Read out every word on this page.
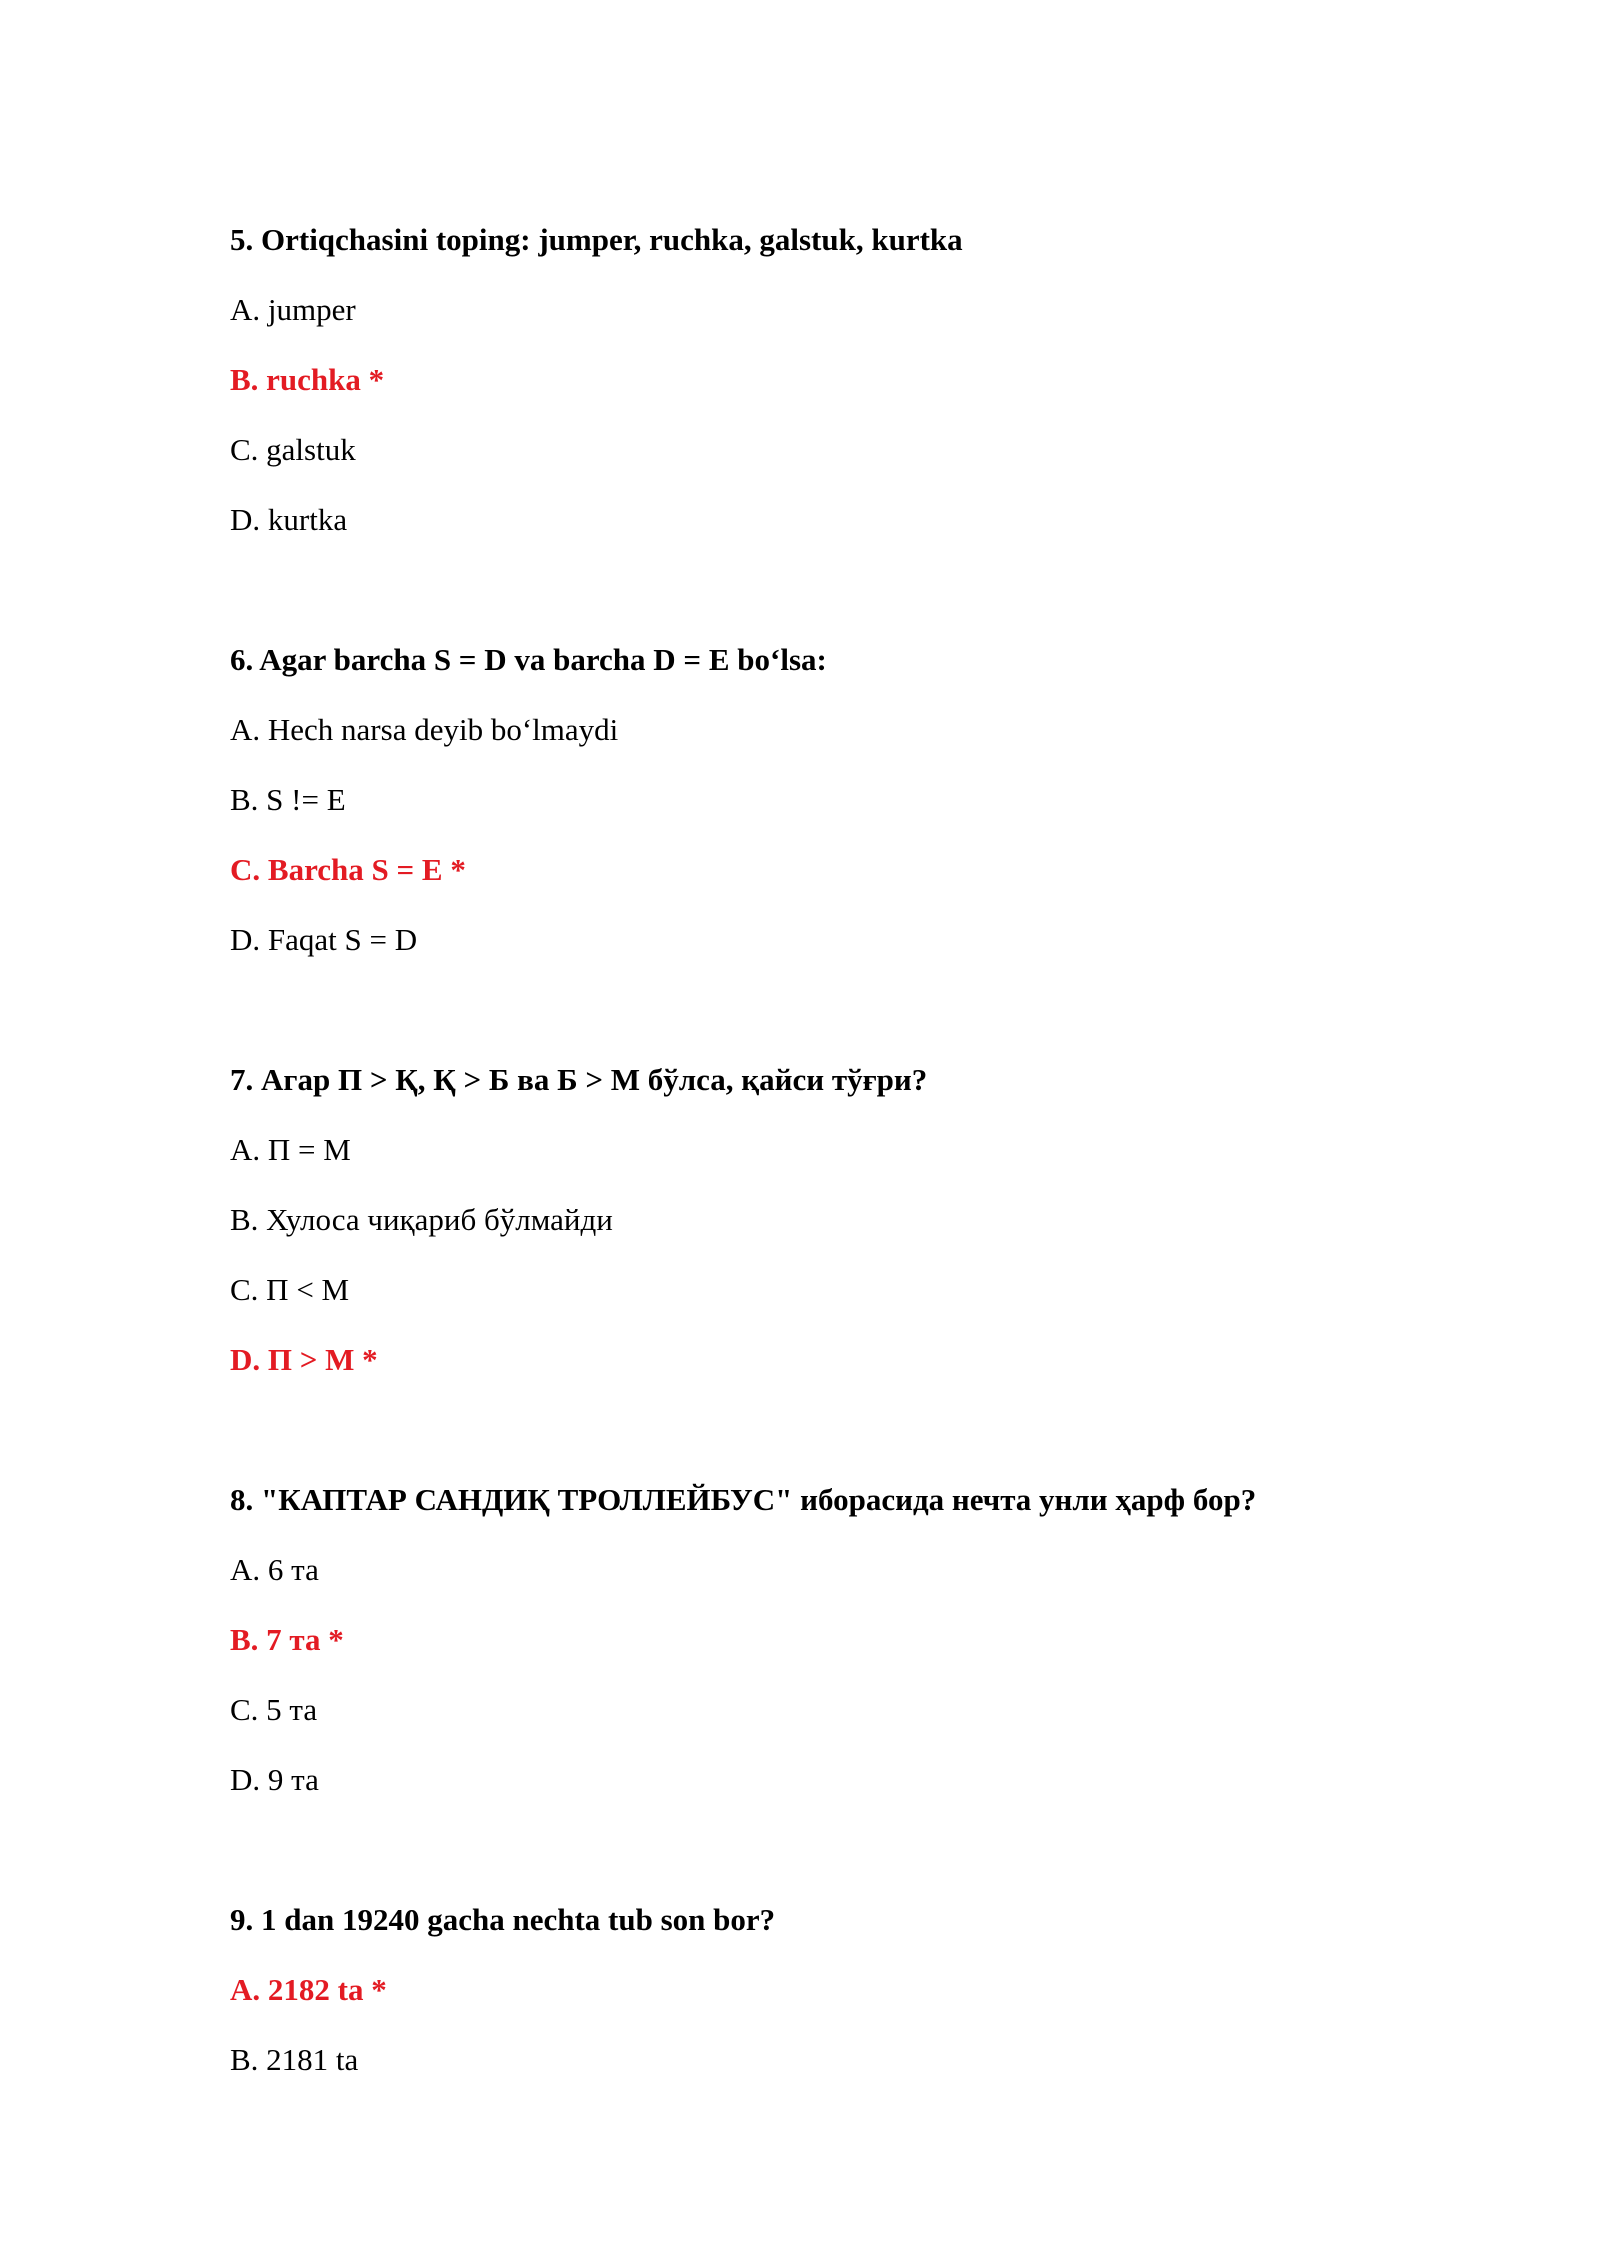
5. Ortiqchasini toping: jumper, ruchka, galstuk, kurtka
A. jumper
B. ruchka *
C. galstuk
D. kurtka
6. Agar barcha S = D va barcha D = E bo‘lsa:
A. Hech narsa deyib bo‘lmaydi
B. S != E
C. Barcha S = E *
D. Faqat S = D
7. Агар П > Қ, Қ > Б ва Б > М бўлса, қайси тўғри?
A. П = М
B. Хулоса чиқариб бўлмайди
C. П < М
D. П > М *
8. "КАПТАР САНДИҚ ТРОЛЛЕЙБУС" иборасида нечта унли ҳарф бор?
A. 6 та
B. 7 та *
C. 5 та
D. 9 та
9. 1 dan 19240 gacha nechta tub son bor?
A. 2182 ta *
B. 2181 ta
